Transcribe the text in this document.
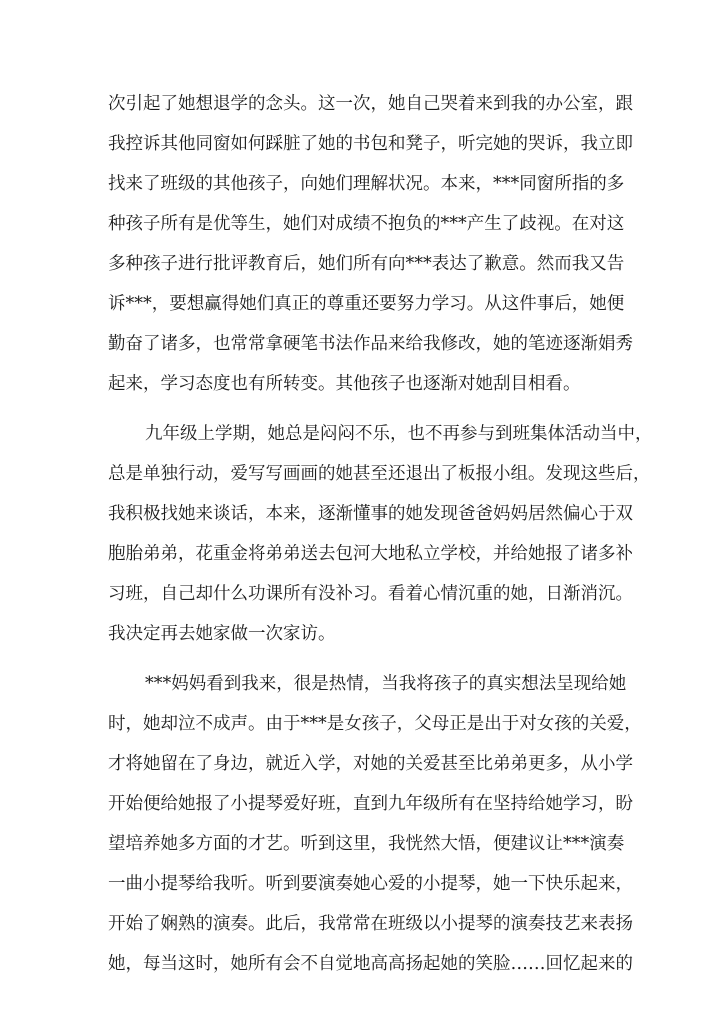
次引起了她想退学的念头。这一次，她自己哭着来到我的办公室，跟
我控诉其他同窗如何踩脏了她的书包和凳子，听完她的哭诉，我立即
找来了班级的其他孩子，向她们理解状况。本来，***同窗所指的多
种孩子所有是优等生，她们对成绩不抱负的***产生了歧视。在对这
多种孩子进行批评教育后，她们所有向***表达了歉意。然而我又告
诉***，要想赢得她们真正的尊重还要努力学习。从这件事后，她便
勤奋了诸多，也常常拿硬笔书法作品来给我修改，她的笔迹逐渐娟秀
起来，学习态度也有所转变。其他孩子也逐渐对她刮目相看。
九年级上学期，她总是闷闷不乐，也不再参与到班集体活动当中，
总是单独行动，爱写写画画的她甚至还退出了板报小组。发现这些后，
我积极找她来谈话，本来，逐渐懂事的她发现爸爸妈妈居然偏心于双
胞胎弟弟，花重金将弟弟送去包河大地私立学校，并给她报了诸多补
习班，自己却什么功课所有没补习。看着心情沉重的她，日渐消沉。
我决定再去她家做一次家访。
***妈妈看到我来，很是热情，当我将孩子的真实想法呈现给她
时，她却泣不成声。由于***是女孩子，父母正是出于对女孩的关爱，
才将她留在了身边，就近入学，对她的关爱甚至比弟弟更多，从小学
开始便给她报了小提琴爱好班，直到九年级所有在坚持给她学习，盼
望培养她多方面的才艺。听到这里，我恍然大悟，便建议让***演奏
一曲小提琴给我听。听到要演奏她心爱的小提琴，她一下快乐起来，
开始了娴熟的演奏。此后，我常常在班级以小提琴的演奏技艺来表扬
她，每当这时，她所有会不自觉地高高扬起她的笑脸……回忆起来的
